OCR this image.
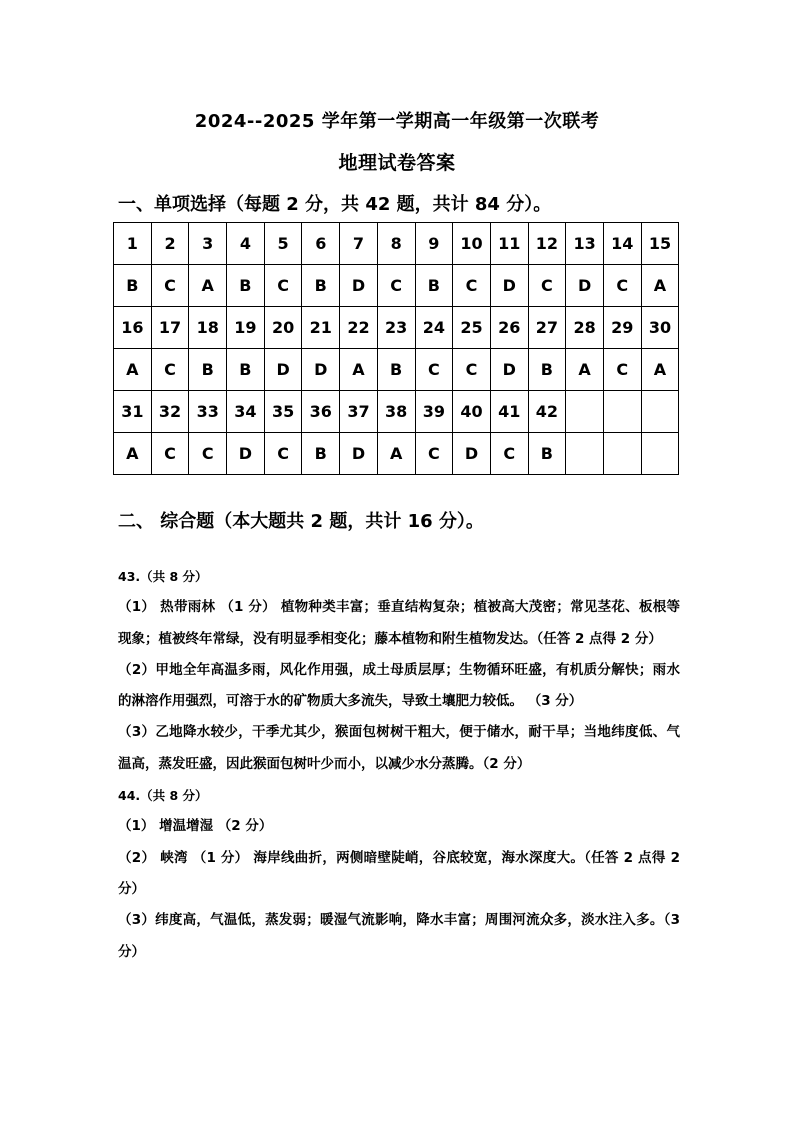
2024--2025 学年第一学期高一年级第一次联考
地理试卷答案
一、单项选择（每题 2 分，共 42 题，共计 84 分）。
1	2	3	4	5	6	7	8	9	10	11	12	13	14	15
B	C	A	B	C	B	D	C	B	C	D	C	D	C	A
16	17	18	19	20	21	22	23	24	25	26	27	28	29	30
A	C	B	B	D	D	A	B	C	C	D	B	A	C	A
31	32	33	34	35	36	37	38	39	40	41	42			
A	C	C	D	C	B	D	A	C	D	C	B			
二、 综合题（本大题共 2 题，共计 16 分）。

43.（共 8 分）

（1） 热带雨林 （1 分） 植物种类丰富；垂直结构复杂；植被高大茂密；常见茎花、板根等现象；植被终年常绿，没有明显季相变化；藤本植物和附生植物发达。（任答 2 点得 2 分）

（2）甲地全年高温多雨，风化作用强，成土母质层厚；生物循环旺盛，有机质分解快；雨水的淋溶作用强烈，可溶于水的矿物质大多流失，导致土壤肥力较低。 （3 分）

（3）乙地降水较少，干季尤其少，猴面包树树干粗大，便于储水，耐干旱；当地纬度低、气温高，蒸发旺盛，因此猴面包树叶少而小，以减少水分蒸腾。（2 分）

44.（共 8 分）

（1） 增温增湿 （2 分）

（2） 峡湾 （1 分） 海岸线曲折，两侧暗壁陡峭，谷底较宽，海水深度大。（任答 2 点得 2 分）

（3）纬度高，气温低，蒸发弱；暖湿气流影响，降水丰富；周围河流众多，淡水注入多。（3 分）
